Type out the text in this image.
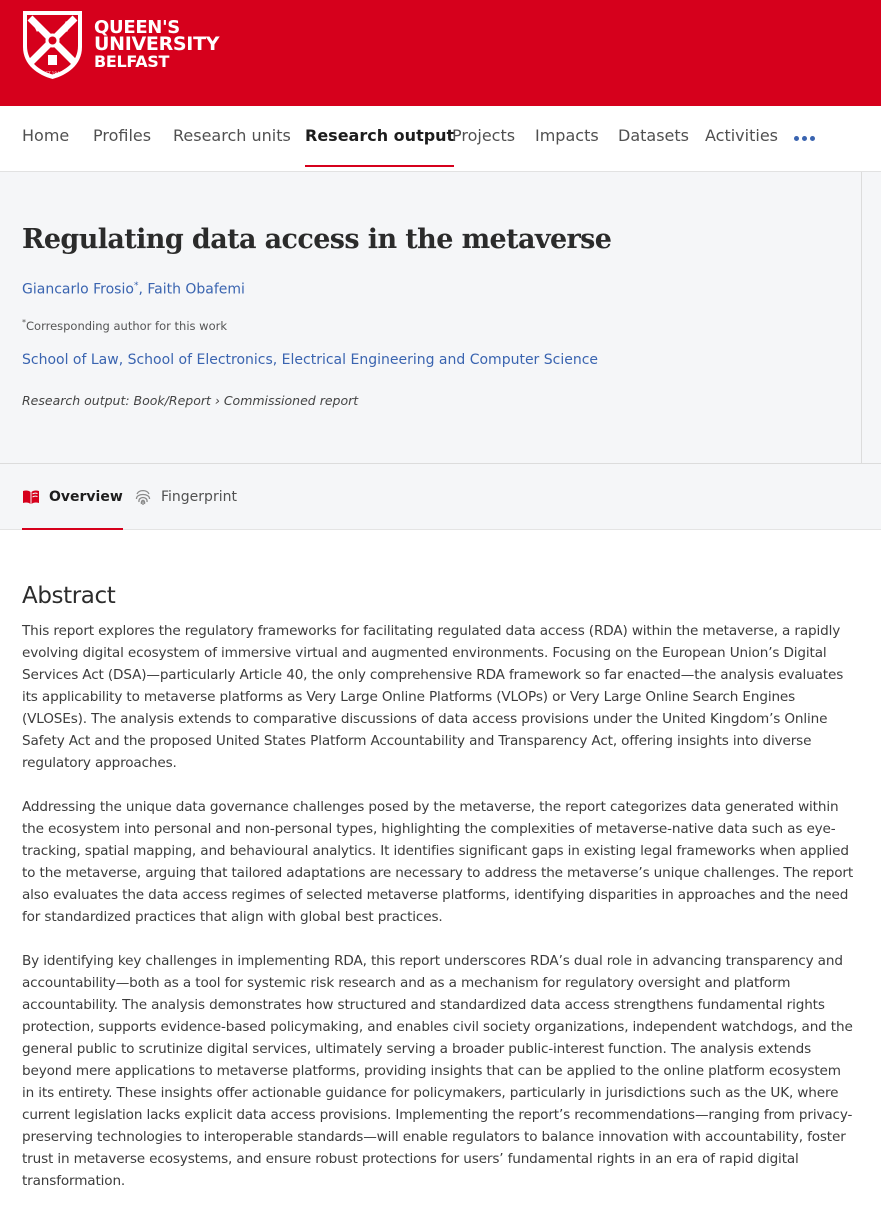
EST 1845
QUEEN'S
UNIVERSITY
BELFAST
Home Profiles Research units Research output
Projects Impacts Datasets Activities
Regulating data access in the metaverse
Giancarlo Frosio*, Faith Obafemi
*Corresponding author for this work
School of Law, School of Electronics, Electrical Engineering and Computer Science
Research output: Book/Report › Commissioned report
Overview	Fingerprint
Abstract

This report explores the regulatory frameworks for facilitating regulated data access (RDA) within the metaverse, a rapidly evolving digital ecosystem of immersive virtual and augmented environments. Focusing on the European Union’s Digital Services Act (DSA)—particularly Article 40, the only comprehensive RDA framework so far enacted—the analysis evaluates its applicability to metaverse platforms as Very Large Online Platforms (VLOPs) or Very Large Online Search Engines (VLOSEs). The analysis extends to comparative discussions of data access provisions under the United Kingdom’s Online Safety Act and the proposed United States Platform Accountability and Transparency Act, offering insights into diverse regulatory approaches.

Addressing the unique data governance challenges posed by the metaverse, the report categorizes data generated within the ecosystem into personal and non-personal types, highlighting the complexities of metaverse-native data such as eye-tracking, spatial mapping, and behavioural analytics. It identifies significant gaps in existing legal frameworks when applied to the metaverse, arguing that tailored adaptations are necessary to address the metaverse’s unique challenges. The report also evaluates the data access regimes of selected metaverse platforms, identifying disparities in approaches and the need for standardized practices that align with global best practices.

By identifying key challenges in implementing RDA, this report underscores RDA’s dual role in advancing transparency and accountability—both as a tool for systemic risk research and as a mechanism for regulatory oversight and platform accountability. The analysis demonstrates how structured and standardized data access strengthens fundamental rights protection, supports evidence-based policymaking, and enables civil society organizations, independent watchdogs, and the general public to scrutinize digital services, ultimately serving a broader public-interest function. The analysis extends beyond mere applications to metaverse platforms, providing insights that can be applied to the online platform ecosystem in its entirety. These insights offer actionable guidance for policymakers, particularly in jurisdictions such as the UK, where current legislation lacks explicit data access provisions. Implementing the report’s recommendations—ranging from privacy-preserving technologies to interoperable standards—will enable regulators to balance innovation with accountability, foster trust in metaverse ecosystems, and ensure robust protections for users’ fundamental rights in an era of rapid digital transformation.
